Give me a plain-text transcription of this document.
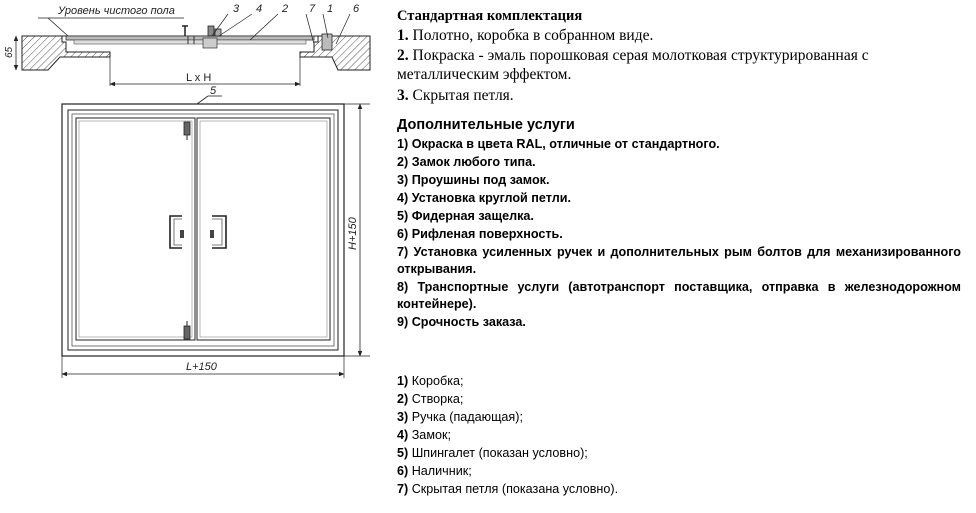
Уровень чистого пола	3 4 2 7 1 6
65
L x H
5
H+150
L+150
Стандартная комплектация
1. Полотно, коробка в собранном виде.
2. Покраска - эмаль порошковая серая молотковая структурированная с металлическим эффектом.
3. Скрытая петля.
Дополнительные услуги
1) Окраска в цвета RAL, отличные от стандартного.
2) Замок любого типа.
3) Проушины под замок.
4) Установка круглой петли.
5) Фидерная защелка.
6) Рифленая поверхность.
7) Установка усиленных ручек и дополнительных рым болтов для механизированного открывания.
8) Транспортные услуги (автотранспорт поставщика, отправка в железнодорожном контейнере).
9) Срочность заказа.
1) Коробка;
2) Створка;
3) Ручка (падающая);
4) Замок;
5) Шпингалет (показан условно);
6) Наличник;
7) Скрытая петля (показана условно).
